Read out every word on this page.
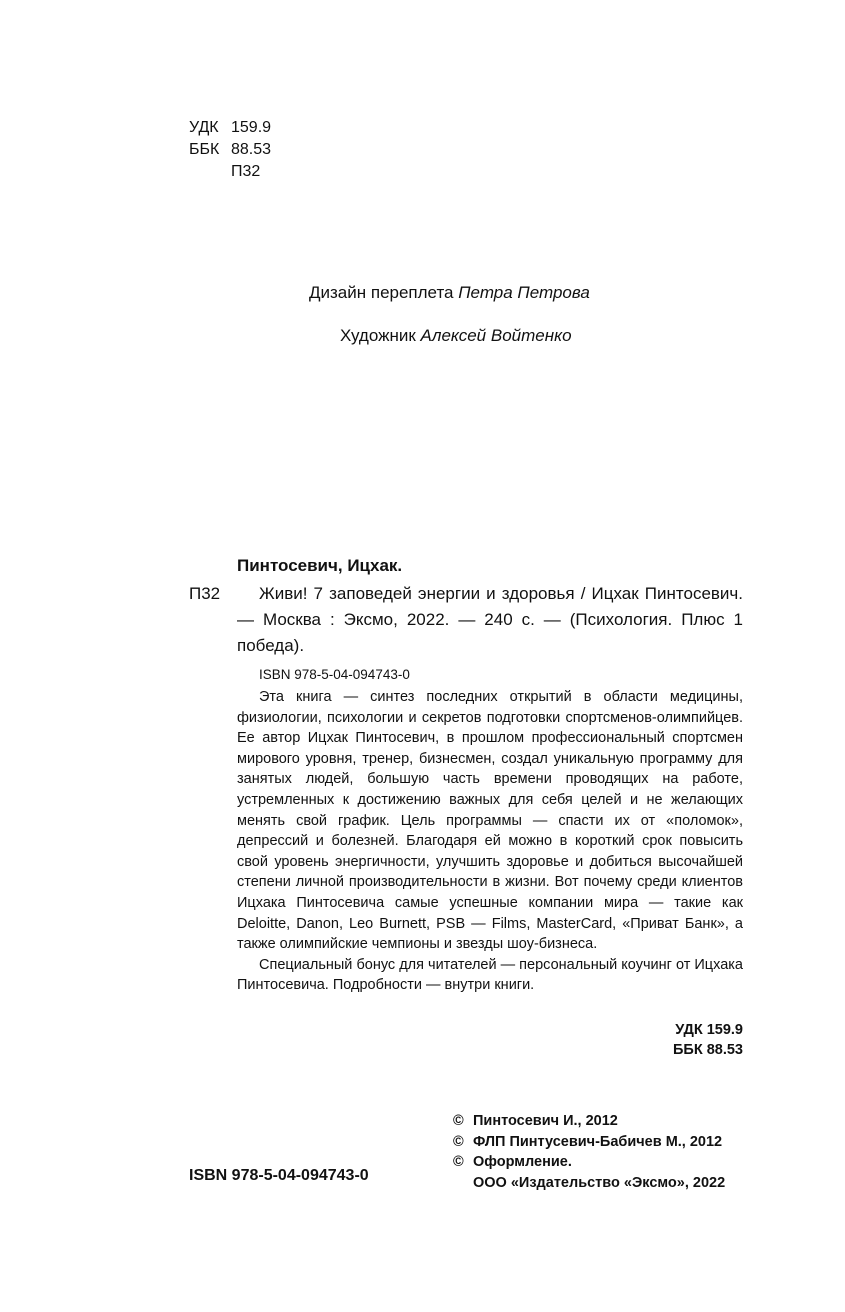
УДК 159.9
ББК 88.53
П32
Дизайн переплета Петра Петрова
Художник Алексей Войтенко
Пинтосевич, Ицхак.
П32	Живи! 7 заповедей энергии и здоровья / Ицхак Пинтосевич. — Москва : Эксмо, 2022. — 240 с. — (Психология. Плюс 1 победа).
ISBN 978-5-04-094743-0

Эта книга — синтез последних открытий в области медицины, физиологии, психологии и секретов подготовки спортсменов-олимпийцев. Ее автор Ицхак Пинтосевич, в прошлом профессиональный спортсмен мирового уровня, тренер, бизнесмен, создал уникальную программу для занятых людей, большую часть времени проводящих на работе, устремленных к достижению важных для себя целей и не желающих менять свой график. Цель программы — спасти их от «поломок», депрессий и болезней. Благодаря ей можно в короткий срок повысить свой уровень энергичности, улучшить здоровье и добиться высочайшей степени личной производительности в жизни. Вот почему среди клиентов Ицхака Пинтосевича самые успешные компании мира — такие как Deloitte, Danon, Leo Burnett, PSB — Films, MasterCard, «Приват Банк», а также олимпийские чемпионы и звезды шоу-бизнеса.

Специальный бонус для читателей — персональный коучинг от Ицхака Пинтосевича. Подробности — внутри книги.

УДК 159.9
ББК 88.53
© Пинтосевич И., 2012
© ФЛП Пинтусевич-Бабичев М., 2012
© Оформление.
ООО «Издательство «Эксмо», 2022
ISBN 978-5-04-094743-0
